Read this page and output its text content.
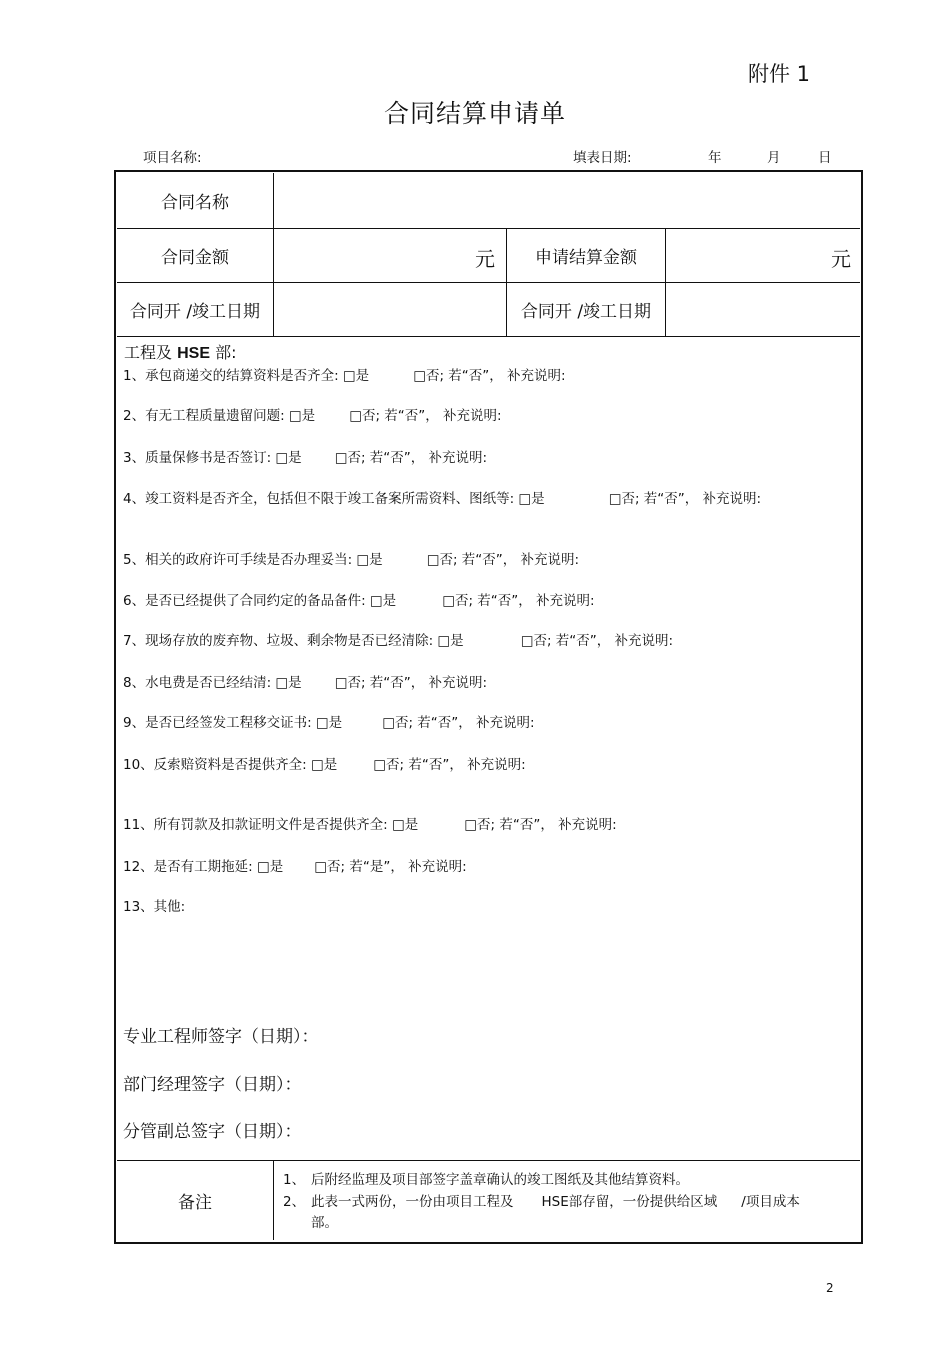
附件 1
合同结算申请单
项目名称:	填表日期:	年	月	日
合同名称
合同金额	元	申请结算金额	元
合同开 /竣工日期	合同开 /竣工日期
工程及 HSE 部:
1、承包商递交的结算资料是否齐全: □是	□否; 若“否”， 补充说明:
2、有无工程质量遗留问题: □是	□否; 若“否”， 补充说明:
3、质量保修书是否签订: □是 □否; 若“否”， 补充说明:
4、竣工资料是否齐全，包括但不限于竣工备案所需资料、图纸等: □是	□否; 若“否”， 补充说明:
5、相关的政府许可手续是否办理妥当: □是	□否; 若“否”， 补充说明:
6、是否已经提供了合同约定的备品备件: □是	□否; 若“否”， 补充说明:
7、现场存放的废弃物、垃圾、剩余物是否已经清除: □是	□否; 若“否”， 补充说明:
8、水电费是否已经结清: □是 □否; 若“否”， 补充说明:
9、是否已经签发工程移交证书: □是	□否; 若“否”， 补充说明:
10、反索赔资料是否提供齐全: □是	□否; 若“否”， 补充说明:
11、所有罚款及扣款证明文件是否提供齐全: □是	□否; 若“否”， 补充说明:
12、是否有工期拖延: □是 □否; 若“是”， 补充说明:
13、其他:
专业工程师签字（日期）：
部门经理签字（日期）：
分管副总签字（日期）：
备注
1、 后附经监理及项目部签字盖章确认的竣工图纸及其他结算资料。
2、 此表一式两份，一份由项目工程及 HSE部存留，一份提供给区域 /项目成本
部。
2
